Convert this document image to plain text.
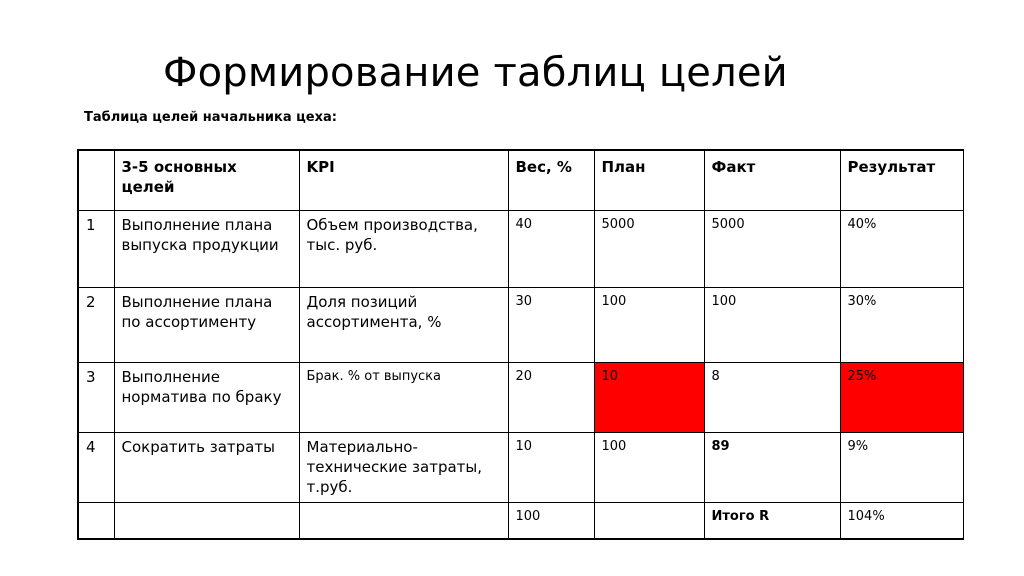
Формирование таблиц целей
Таблица целей начальника цеха:
	3-5 основных целей	KPI	Вес, %	План	Факт	Результат
1	Выполнение плана выпуска продукции	Объем производства, тыс. руб.	40	5000	5000	40%
2	Выполнение плана по ассортименту	Доля позиций ассортимента, %	30	100	100	30%
3	Выполнение норматива по браку	Брак. % от выпуска	20	10	8	25%
4	Сократить затраты	Материально-технические затраты, т.руб.	10	100	89	9%
			100		Итого R	104%
